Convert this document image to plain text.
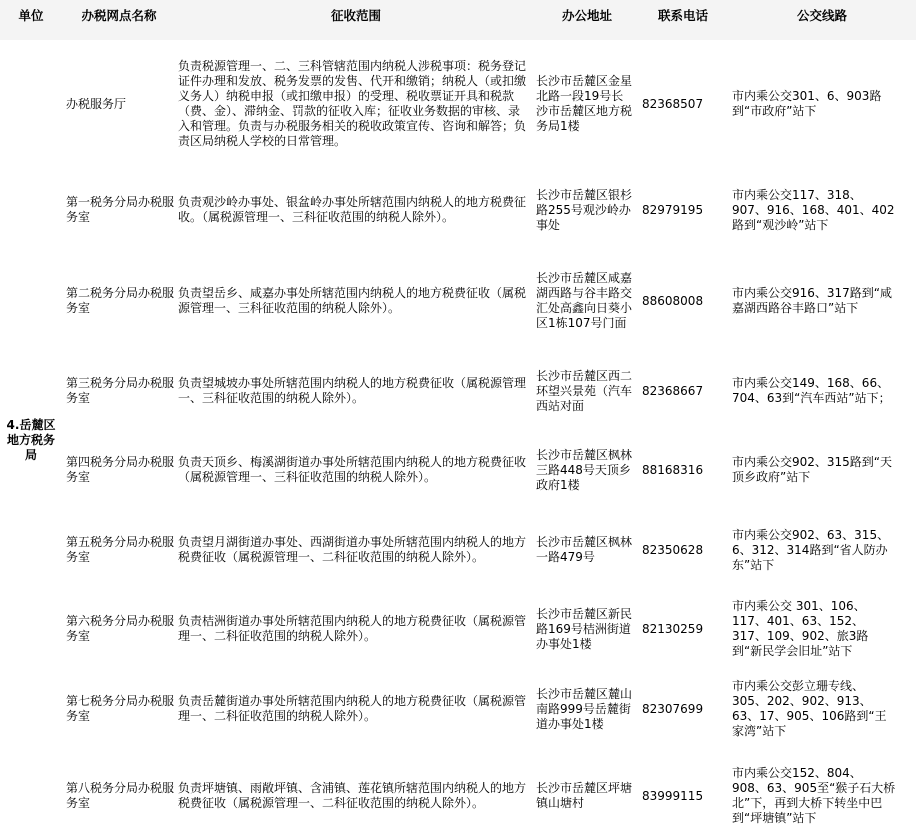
单位	办税网点名称	征收范围	办公地址	联系电话	公交线路
4.岳麓区地方税务局	办税服务厅	负责税源管理一、二、三科管辖范围内纳税人涉税事项：税务登记证件办理和发放、税务发票的发售、代开和缴销；纳税人（或扣缴义务人）纳税申报（或扣缴申报）的受理、税收票证开具和税款（费、金）、滞纳金、罚款的征收入库；征收业务数据的审核、录入和管理。负责与办税服务相关的税收政策宣传、咨询和解答；负责区局纳税人学校的日常管理。	长沙市岳麓区金星北路一段19号长沙市岳麓区地方税务局1楼	82368507	市内乘公交301、6、903路到“市政府”站下
	第一税务分局办税服务室	负责观沙岭办事处、银盆岭办事处所辖范围内纳税人的地方税费征收。（属税源管理一、三科征收范围的纳税人除外）。	长沙市岳麓区银杉路255号观沙岭办事处	82979195	市内乘公交117、318、907、916、168、401、402路到“观沙岭”站下
	第二税务分局办税服务室	负责望岳乡、咸嘉办事处所辖范围内纳税人的地方税费征收（属税源管理一、三科征收范围的纳税人除外）。	长沙市岳麓区咸嘉湖西路与谷丰路交汇处高鑫向日葵小区1栋107号门面	88608008	市内乘公交916、317路到“咸嘉湖西路谷丰路口”站下
	第三税务分局办税服务室	负责望城坡办事处所辖范围内纳税人的地方税费征收（属税源管理一、三科征收范围的纳税人除外）。	长沙市岳麓区西二环望兴景苑（汽车西站对面	82368667	市内乘公交149、168、66、704、63到“汽车西站”站下；
	第四税务分局办税服务室	负责天顶乡、梅溪湖街道办事处所辖范围内纳税人的地方税费征收（属税源管理一、三科征收范围的纳税人除外）。	长沙市岳麓区枫林三路448号天顶乡政府1楼	88168316	市内乘公交902、315路到“天顶乡政府”站下
	第五税务分局办税服务室	负责望月湖街道办事处、西湖街道办事处所辖范围内纳税人的地方税费征收（属税源管理一、二科征收范围的纳税人除外）。	长沙市岳麓区枫林一路479号	82350628	市内乘公交902、63、315、6、312、314路到“省人防办东”站下
	第六税务分局办税服务室	负责桔洲街道办事处所辖范围内纳税人的地方税费征收（属税源管理一、二科征收范围的纳税人除外）。	长沙市岳麓区新民路169号桔洲街道办事处1楼	82130259	市内乘公交 301、106、117、401、63、152、317、109、902、旅3路到“新民学会旧址”站下
	第七税务分局办税服务室	负责岳麓街道办事处所辖范围内纳税人的地方税费征收（属税源管理一、二科征收范围的纳税人除外）。	长沙市岳麓区麓山南路999号岳麓街道办事处1楼	82307699	市内乘公交彭立珊专线、305、202、902、913、63、17、905、106路到“王家湾”站下
	第八税务分局办税服务室	负责坪塘镇、雨敞坪镇、含浦镇、莲花镇所辖范围内纳税人的地方税费征收（属税源管理一、二科征收范围的纳税人除外）。	长沙市岳麓区坪塘镇山塘村	83999115	市内乘公交152、804、908、63、905至“猴子石大桥北”下，再到大桥下转坐中巴到“坪塘镇”站下
